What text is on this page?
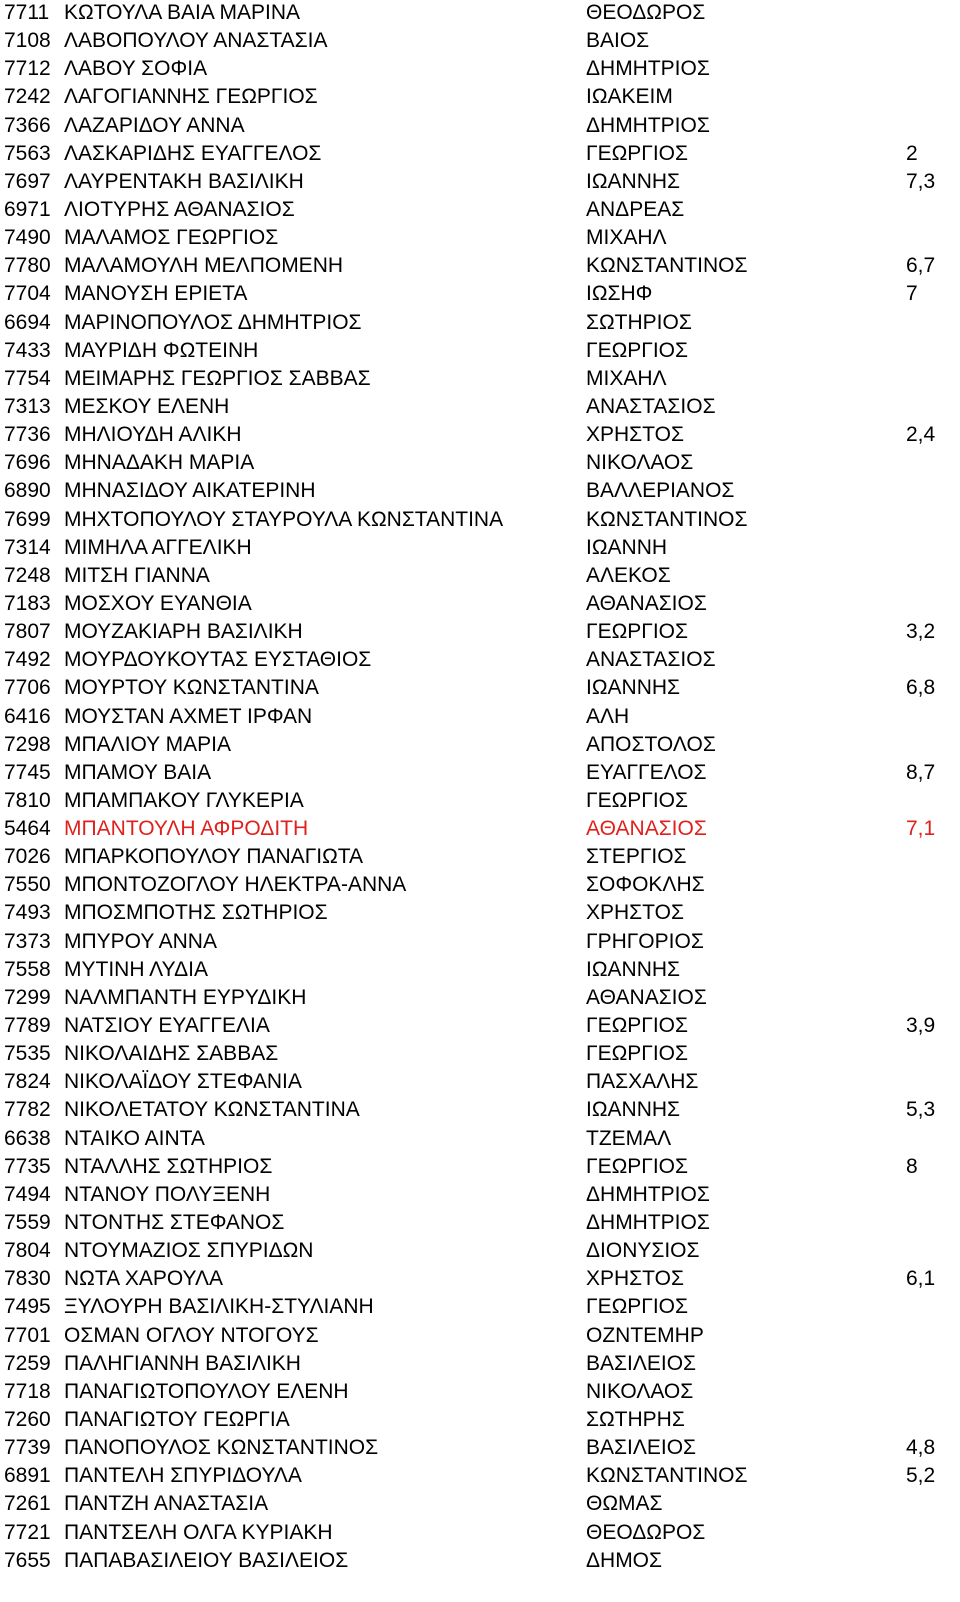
7711 ΚΩΤΟΥΛΑ ΒΑΙΑ ΜΑΡΙΝΑ	ΘΕΟΔΩΡΟΣ
7108 ΛΑΒΟΠΟΥΛΟΥ ΑΝΑΣΤΑΣΙΑ	ΒΑΙΟΣ
7712 ΛΑΒΟΥ ΣΟΦΙΑ	ΔΗΜΗΤΡΙΟΣ
7242 ΛΑΓΟΓΙΑΝΝΗΣ ΓΕΩΡΓΙΟΣ	ΙΩΑΚΕΙΜ
7366 ΛΑΖΑΡΙΔΟΥ ΑΝΝΑ	ΔΗΜΗΤΡΙΟΣ
7563 ΛΑΣΚΑΡΙΔΗΣ ΕΥΑΓΓΕΛΟΣ	ΓΕΩΡΓΙΟΣ	2
7697 ΛΑΥΡΕΝΤΑΚΗ ΒΑΣΙΛΙΚΗ	ΙΩΑΝΝΗΣ	7,3
6971 ΛΙΟΤΥΡΗΣ ΑΘΑΝΑΣΙΟΣ	ΑΝΔΡΕΑΣ
7490 ΜΑΛΑΜΟΣ ΓΕΩΡΓΙΟΣ	ΜΙΧΑΗΛ
7780 ΜΑΛΑΜΟΥΛΗ ΜΕΛΠΟΜΕΝΗ	ΚΩΝΣΤΑΝΤΙΝΟΣ	6,7
7704 ΜΑΝΟΥΣΗ ΕΡΙΕΤΑ	ΙΩΣΗΦ	7
6694 ΜΑΡΙΝΟΠΟΥΛΟΣ ΔΗΜΗΤΡΙΟΣ	ΣΩΤΗΡΙΟΣ
7433 ΜΑΥΡΙΔΗ ΦΩΤΕΙΝΗ	ΓΕΩΡΓΙΟΣ
7754 ΜΕΙΜΑΡΗΣ ΓΕΩΡΓΙΟΣ ΣΑΒΒΑΣ	ΜΙΧΑΗΛ
7313 ΜΕΣΚΟΥ ΕΛΕΝΗ	ΑΝΑΣΤΑΣΙΟΣ
7736 ΜΗΛΙΟΥΔΗ ΑΛΙΚΗ	ΧΡΗΣΤΟΣ	2,4
7696 ΜΗΝΑΔΑΚΗ ΜΑΡΙΑ	ΝΙΚΟΛΑΟΣ
6890 ΜΗΝΑΣΙΔΟΥ ΑΙΚΑΤΕΡΙΝΗ	ΒΑΛΛΕΡΙΑΝΟΣ
7699 ΜΗΧΤΟΠΟΥΛΟΥ ΣΤΑΥΡΟΥΛΑ ΚΩΝΣΤΑΝΤΙΝΑ	ΚΩΝΣΤΑΝΤΙΝΟΣ
7314 ΜΙΜΗΛΑ ΑΓΓΕΛΙΚΗ	ΙΩΑΝΝΗ
7248 ΜΙΤΣΗ ΓΙΑΝΝΑ	ΑΛΕΚΟΣ
7183 ΜΟΣΧΟΥ ΕΥΑΝΘΙΑ	ΑΘΑΝΑΣΙΟΣ
7807 ΜΟΥΖΑΚΙΑΡΗ ΒΑΣΙΛΙΚΗ	ΓΕΩΡΓΙΟΣ	3,2
7492 ΜΟΥΡΔΟΥΚΟΥΤΑΣ ΕΥΣΤΑΘΙΟΣ	ΑΝΑΣΤΑΣΙΟΣ
7706 ΜΟΥΡΤΟΥ ΚΩΝΣΤΑΝΤΙΝΑ	ΙΩΑΝΝΗΣ	6,8
6416 ΜΟΥΣΤΑΝ ΑΧΜΕΤ ΙΡΦΑΝ	ΑΛΗ
7298 ΜΠΑΛΙΟΥ ΜΑΡΙΑ	ΑΠΟΣΤΟΛΟΣ
7745 ΜΠΑΜΟΥ ΒΑΙΑ	ΕΥΑΓΓΕΛΟΣ	8,7
7810 ΜΠΑΜΠΑΚΟΥ ΓΛΥΚΕΡΙΑ	ΓΕΩΡΓΙΟΣ
5464 ΜΠΑΝΤΟΥΛΗ ΑΦΡΟΔΙΤΗ	ΑΘΑΝΑΣΙΟΣ	7,1
7026 ΜΠΑΡΚΟΠΟΥΛΟΥ ΠΑΝΑΓΙΩΤΑ	ΣΤΕΡΓΙΟΣ
7550 ΜΠΟΝΤΟΖΟΓΛΟΥ ΗΛΕΚΤΡΑ-ΑΝΝΑ	ΣΟΦΟΚΛΗΣ
7493 ΜΠΟΣΜΠΟΤΗΣ ΣΩΤΗΡΙΟΣ	ΧΡΗΣΤΟΣ
7373 ΜΠΥΡΟΥ ΑΝΝΑ	ΓΡΗΓΟΡΙΟΣ
7558 ΜΥΤΙΝΗ ΛΥΔΙΑ	ΙΩΑΝΝΗΣ
7299 ΝΑΛΜΠΑΝΤΗ ΕΥΡΥΔΙΚΗ	ΑΘΑΝΑΣΙΟΣ
7789 ΝΑΤΣΙΟΥ ΕΥΑΓΓΕΛΙΑ	ΓΕΩΡΓΙΟΣ	3,9
7535 ΝΙΚΟΛΑΙΔΗΣ ΣΑΒΒΑΣ	ΓΕΩΡΓΙΟΣ
7824 ΝΙΚΟΛΑΪΔΟΥ ΣΤΕΦΑΝΙΑ	ΠΑΣΧΑΛΗΣ
7782 ΝΙΚΟΛΕΤΑΤΟΥ ΚΩΝΣΤΑΝΤΙΝΑ	ΙΩΑΝΝΗΣ	5,3
6638 ΝΤΑΙΚΟ ΑΙΝΤΑ	ΤΖΕΜΑΛ
7735 ΝΤΑΛΛΗΣ ΣΩΤΗΡΙΟΣ	ΓΕΩΡΓΙΟΣ	8
7494 ΝΤΑΝΟΥ ΠΟΛΥΞΕΝΗ	ΔΗΜΗΤΡΙΟΣ
7559 ΝΤΟΝΤΗΣ ΣΤΕΦΑΝΟΣ	ΔΗΜΗΤΡΙΟΣ
7804 ΝΤΟΥΜΑΖΙΟΣ ΣΠΥΡΙΔΩΝ	ΔΙΟΝΥΣΙΟΣ
7830 ΝΩΤΑ ΧΑΡΟΥΛΑ	ΧΡΗΣΤΟΣ	6,1
7495 ΞΥΛΟΥΡΗ ΒΑΣΙΛΙΚΗ-ΣΤΥΛΙΑΝΗ	ΓΕΩΡΓΙΟΣ
7701 ΟΣΜΑΝ ΟΓΛΟΥ ΝΤΟΓΟΥΣ	ΟΖΝΤΕΜΗΡ
7259 ΠΑΛΗΓΙΑΝΝΗ ΒΑΣΙΛΙΚΗ	ΒΑΣΙΛΕΙΟΣ
7718 ΠΑΝΑΓΙΩΤΟΠΟΥΛΟΥ ΕΛΕΝΗ	ΝΙΚΟΛΑΟΣ
7260 ΠΑΝΑΓΙΩΤΟΥ ΓΕΩΡΓΙΑ	ΣΩΤΗΡΗΣ
7739 ΠΑΝΟΠΟΥΛΟΣ ΚΩΝΣΤΑΝΤΙΝΟΣ	ΒΑΣΙΛΕΙΟΣ	4,8
6891 ΠΑΝΤΕΛΗ ΣΠΥΡΙΔΟΥΛΑ	ΚΩΝΣΤΑΝΤΙΝΟΣ	5,2
7261 ΠΑΝΤΖΗ ΑΝΑΣΤΑΣΙΑ	ΘΩΜΑΣ
7721 ΠΑΝΤΣΕΛΗ ΟΛΓΑ ΚΥΡΙΑΚΗ	ΘΕΟΔΩΡΟΣ
7655 ΠΑΠΑΒΑΣΙΛΕΙΟΥ ΒΑΣΙΛΕΙΟΣ	ΔΗΜΟΣ
